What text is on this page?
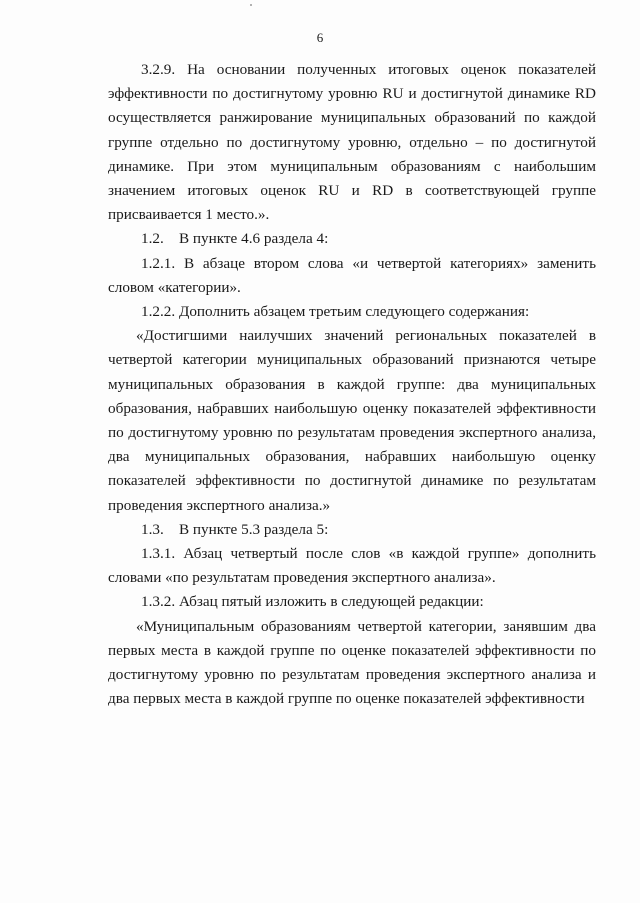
6

3.2.9. На основании полученных итоговых оценок показателей эффективности по достигнутому уровню RU и достигнутой динамике RD осуществляется ранжирование муниципальных образований по каждой группе отдельно по достигнутому уровню, отдельно – по достигнутой динамике. При этом муниципальным образованиям с наибольшим значением итоговых оценок RU и RD в соответствующей группе присваивается 1 место.».

1.2.    В пункте 4.6 раздела 4:

1.2.1. В абзаце втором слова «и четвертой категориях» заменить словом «категории».

1.2.2. Дополнить абзацем третьим следующего содержания:

«Достигшими наилучших значений региональных показателей в четвертой категории муниципальных образований признаются четыре муниципальных образования в каждой группе: два муниципальных образования, набравших наибольшую оценку показателей эффективности по достигнутому уровню по результатам проведения экспертного анализа, два муниципальных образования, набравших наибольшую оценку показателей эффективности по достигнутой динамике по результатам проведения экспертного анализа.»

1.3.    В пункте 5.3 раздела 5:

1.3.1. Абзац четвертый после слов «в каждой группе» дополнить словами «по результатам проведения экспертного анализа».

1.3.2. Абзац пятый изложить в следующей редакции:

«Муниципальным образованиям четвертой категории, занявшим два первых места в каждой группе по оценке показателей эффективности по достигнутому уровню по результатам проведения экспертного анализа и два первых места в каждой группе по оценке показателей эффективности
